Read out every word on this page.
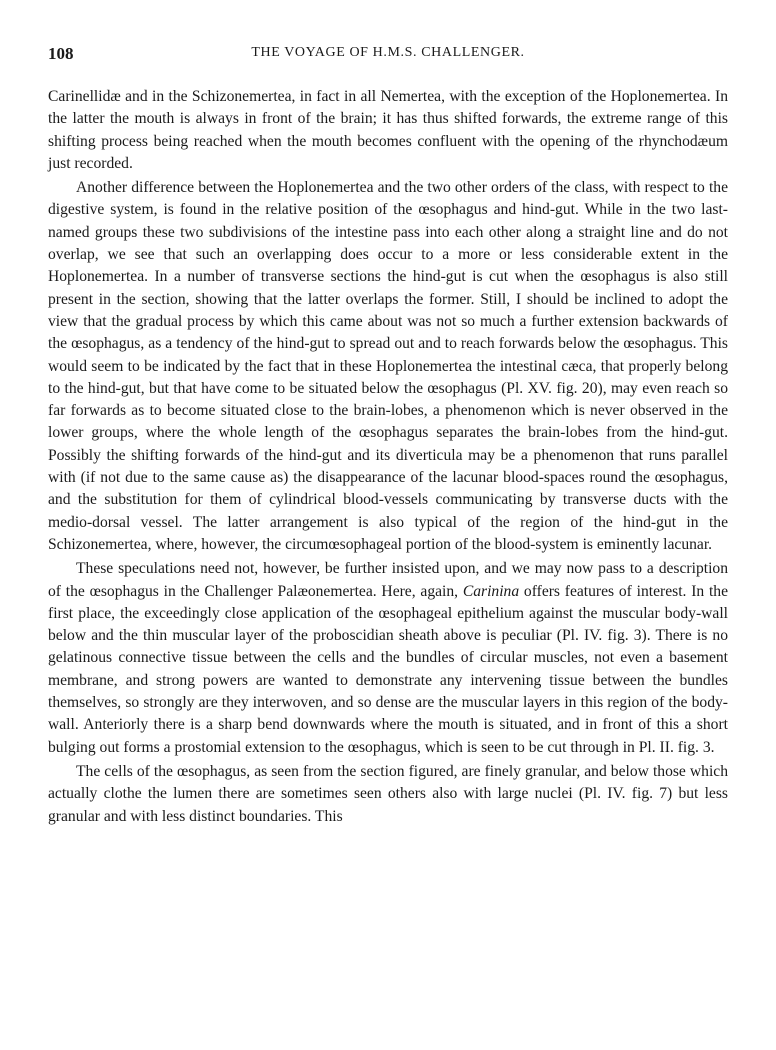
108	THE VOYAGE OF H.M.S. CHALLENGER.

Carinellidæ and in the Schizonemertea, in fact in all Nemertea, with the exception of the Hoplonemertea. In the latter the mouth is always in front of the brain; it has thus shifted forwards, the extreme range of this shifting process being reached when the mouth becomes confluent with the opening of the rhynchodæum just recorded.

Another difference between the Hoplonemertea and the two other orders of the class, with respect to the digestive system, is found in the relative position of the œsophagus and hind-gut. While in the two last-named groups these two subdivisions of the intestine pass into each other along a straight line and do not overlap, we see that such an overlapping does occur to a more or less considerable extent in the Hoplonemertea. In a number of transverse sections the hind-gut is cut when the œsophagus is also still present in the section, showing that the latter overlaps the former. Still, I should be inclined to adopt the view that the gradual process by which this came about was not so much a further extension backwards of the œsophagus, as a tendency of the hind-gut to spread out and to reach forwards below the œsophagus. This would seem to be indicated by the fact that in these Hoplonemertea the intestinal cæca, that properly belong to the hind-gut, but that have come to be situated below the œsophagus (Pl. XV. fig. 20), may even reach so far forwards as to become situated close to the brain-lobes, a phenomenon which is never observed in the lower groups, where the whole length of the œsophagus separates the brain-lobes from the hind-gut. Possibly the shifting forwards of the hind-gut and its diverticula may be a phenomenon that runs parallel with (if not due to the same cause as) the disappearance of the lacunar blood-spaces round the œsophagus, and the substitution for them of cylindrical blood-vessels communicating by transverse ducts with the medio-dorsal vessel. The latter arrangement is also typical of the region of the hind-gut in the Schizonemertea, where, however, the circumœsophageal portion of the blood-system is eminently lacunar.

These speculations need not, however, be further insisted upon, and we may now pass to a description of the œsophagus in the Challenger Palæonemertea. Here, again, Carinina offers features of interest. In the first place, the exceedingly close application of the œsophageal epithelium against the muscular body-wall below and the thin muscular layer of the proboscidian sheath above is peculiar (Pl. IV. fig. 3). There is no gelatinous connective tissue between the cells and the bundles of circular muscles, not even a basement membrane, and strong powers are wanted to demonstrate any intervening tissue between the bundles themselves, so strongly are they interwoven, and so dense are the muscular layers in this region of the body-wall. Anteriorly there is a sharp bend downwards where the mouth is situated, and in front of this a short bulging out forms a prostomial extension to the œsophagus, which is seen to be cut through in Pl. II. fig. 3.

The cells of the œsophagus, as seen from the section figured, are finely granular, and below those which actually clothe the lumen there are sometimes seen others also with large nuclei (Pl. IV. fig. 7) but less granular and with less distinct boundaries. This
